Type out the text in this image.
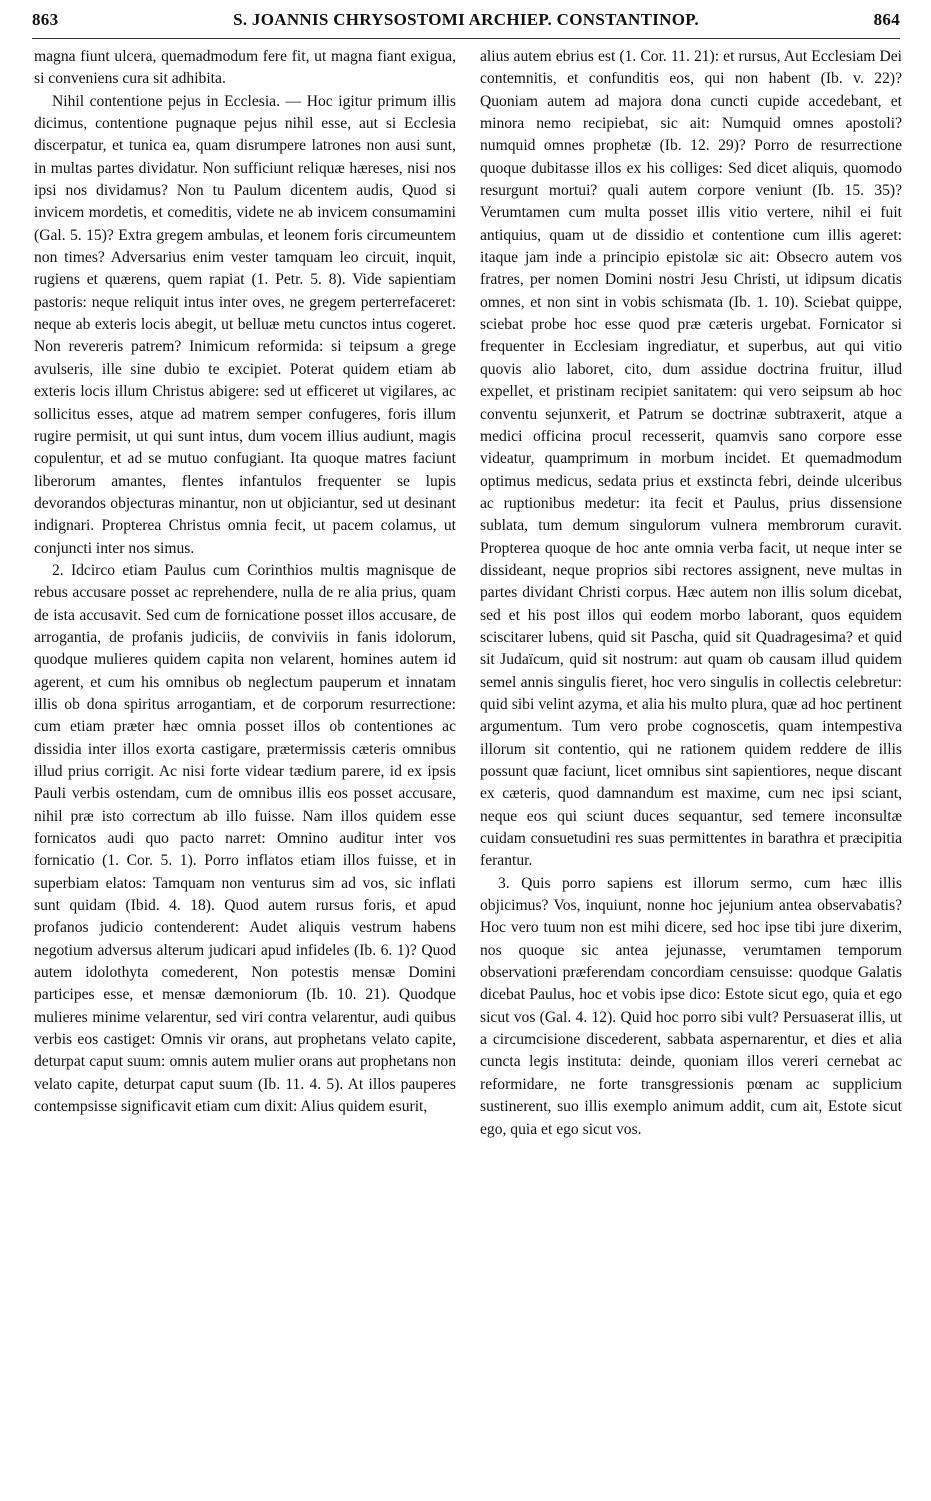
863	S. JOANNIS CHRYSOSTOMI ARCHIEP. CONSTANTINOP.	864

magna fiunt ulcera, quemadmodum fere fit, ut magna fiant exigua, si conveniens cura sit adhibita.

Nihil contentione pejus in Ecclesia. — Hoc igitur primum illis dicimus, contentione pugnaque pejus nihil esse, aut si Ecclesia discerpatur, et tunica ea, quam disrumpere latrones non ausi sunt, in multas partes dividatur. Non sufficiunt reliquæ hæreses, nisi nos ipsi nos dividamus? Non tu Paulum dicentem audis, Quod si invicem mordetis, et comeditis, videte ne ab invicem consumamini (Gal. 5. 15)? Extra gregem ambulas, et leonem foris circumeuntem non times? Adversarius enim vester tamquam leo circuit, inquit, rugiens et quærens, quem rapiat (1. Petr. 5. 8). Vide sapientiam pastoris: neque reliquit intus inter oves, ne gregem perterrefaceret: neque ab exteris locis abegit, ut belluæ metu cunctos intus cogeret. Non revereris patrem? Inimicum reformida: si teipsum a grege avulseris, ille sine dubio te excipiet. Poterat quidem etiam ab exteris locis illum Christus abigere: sed ut efficeret ut vigilares, ac sollicitus esses, atque ad matrem semper confugeres, foris illum rugire permisit, ut qui sunt intus, dum vocem illius audiunt, magis copulentur, et ad se mutuo confugiant. Ita quoque matres faciunt liberorum amantes, flentes infantulos frequenter se lupis devorandos objecturas minantur, non ut objiciantur, sed ut desinant indignari. Propterea Christus omnia fecit, ut pacem colamus, ut conjuncti inter nos simus.

2. Idcirco etiam Paulus cum Corinthios multis magnisque de rebus accusare posset ac reprehendere, nulla de re alia prius, quam de ista accusavit. Sed cum de fornicatione posset illos accusare, de arrogantia, de profanis judiciis, de conviviis in fanis idolorum, quodque mulieres quidem capita non velarent, homines autem id agerent, et cum his omnibus ob neglectum pauperum et innatam illis ob dona spiritus arrogantiam, et de corporum resurrectione: cum etiam præter hæc omnia posset illos ob contentiones ac dissidia inter illos exorta castigare, prætermissis cæteris omnibus illud prius corrigit. Ac nisi forte videar tædium parere, id ex ipsis Pauli verbis ostendam, cum de omnibus illis eos posset accusare, nihil præ isto correctum ab illo fuisse. Nam illos quidem esse fornicatos audi quo pacto narret: Omnino auditur inter vos fornicatio (1. Cor. 5. 1). Porro inflatos etiam illos fuisse, et in superbiam elatos: Tamquam non venturus sim ad vos, sic inflati sunt quidam (Ibid. 4. 18). Quod autem rursus foris, et apud profanos judicio contenderent: Audet aliquis vestrum habens negotium adversus alterum judicari apud infideles (Ib. 6. 1)? Quod autem idolothyta comederent, Non potestis mensæ Domini participes esse, et mensæ dæmoniorum (Ib. 10. 21). Quodque mulieres minime velarentur, sed viri contra velarentur, audi quibus verbis eos castiget: Omnis vir orans, aut prophetans velato capite, deturpat caput suum: omnis autem mulier orans aut prophetans non velato capite, deturpat caput suum (Ib. 11. 4. 5). At illos pauperes contempsisse significavit etiam cum dixit: Alius quidem esurit,

alius autem ebrius est (1. Cor. 11. 21): et rursus, Aut Ecclesiam Dei contemnitis, et confunditis eos, qui non habent (Ib. v. 22)? Quoniam autem ad majora dona cuncti cupide accedebant, et minora nemo recipiebat, sic ait: Numquid omnes apostoli? numquid omnes prophetæ (Ib. 12. 29)? Porro de resurrectione quoque dubitasse illos ex his colliges: Sed dicet aliquis, quomodo resurgunt mortui? quali autem corpore veniunt (Ib. 15. 35)? Verumtamen cum multa posset illis vitio vertere, nihil ei fuit antiquius, quam ut de dissidio et contentione cum illis ageret: itaque jam inde a principio epistolæ sic ait: Obsecro autem vos fratres, per nomen Domini nostri Jesu Christi, ut idipsum dicatis omnes, et non sint in vobis schismata (Ib. 1. 10). Sciebat quippe, sciebat probe hoc esse quod præ cæteris urgebat. Fornicator si frequenter in Ecclesiam ingrediatur, et superbus, aut qui vitio quovis alio laboret, cito, dum assidue doctrina fruitur, illud expellet, et pristinam recipiet sanitatem: qui vero seipsum ab hoc conventu sejunxerit, et Patrum se doctrinæ subtraxerit, atque a medici officina procul recesserit, quamvis sano corpore esse videatur, quamprimum in morbum incidet. Et quemadmodum optimus medicus, sedata prius et exstincta febri, deinde ulceribus ac ruptionibus medetur: ita fecit et Paulus, prius dissensione sublata, tum demum singulorum vulnera membrorum curavit. Propterea quoque de hoc ante omnia verba facit, ut neque inter se dissideant, neque proprios sibi rectores assignent, neve multas in partes dividant Christi corpus. Hæc autem non illis solum dicebat, sed et his post illos qui eodem morbo laborant, quos equidem sciscitarer lubens, quid sit Pascha, quid sit Quadragesima? et quid sit Judaïcum, quid sit nostrum: aut quam ob causam illud quidem semel annis singulis fieret, hoc vero singulis in collectis celebretur: quid sibi velint azyma, et alia his multo plura, quæ ad hoc pertinent argumentum. Tum vero probe cognoscetis, quam intempestiva illorum sit contentio, qui ne rationem quidem reddere de illis possunt quæ faciunt, licet omnibus sint sapientiores, neque discant ex cæteris, quod damnandum est maxime, cum nec ipsi sciant, neque eos qui sciunt duces sequantur, sed temere inconsultæ cuidam consuetudini res suas permittentes in barathra et præcipitia ferantur.

3. Quis porro sapiens est illorum sermo, cum hæc illis objicimus? Vos, inquiunt, nonne hoc jejunium antea observabatis? Hoc vero tuum non est mihi dicere, sed hoc ipse tibi jure dixerim, nos quoque sic antea jejunasse, verumtamen temporum observationi præferendam concordiam censuisse: quodque Galatis dicebat Paulus, hoc et vobis ipse dico: Estote sicut ego, quia et ego sicut vos (Gal. 4. 12). Quid hoc porro sibi vult? Persuaserat illis, ut a circumcisione discederent, sabbata aspernarentur, et dies et alia cuncta legis instituta: deinde, quoniam illos vereri cernebat ac reformidare, ne forte transgressionis pœnam ac supplicium sustinerent, suo illis exemplo animum addit, cum ait, Estote sicut ego, quia et ego sicut vos.
